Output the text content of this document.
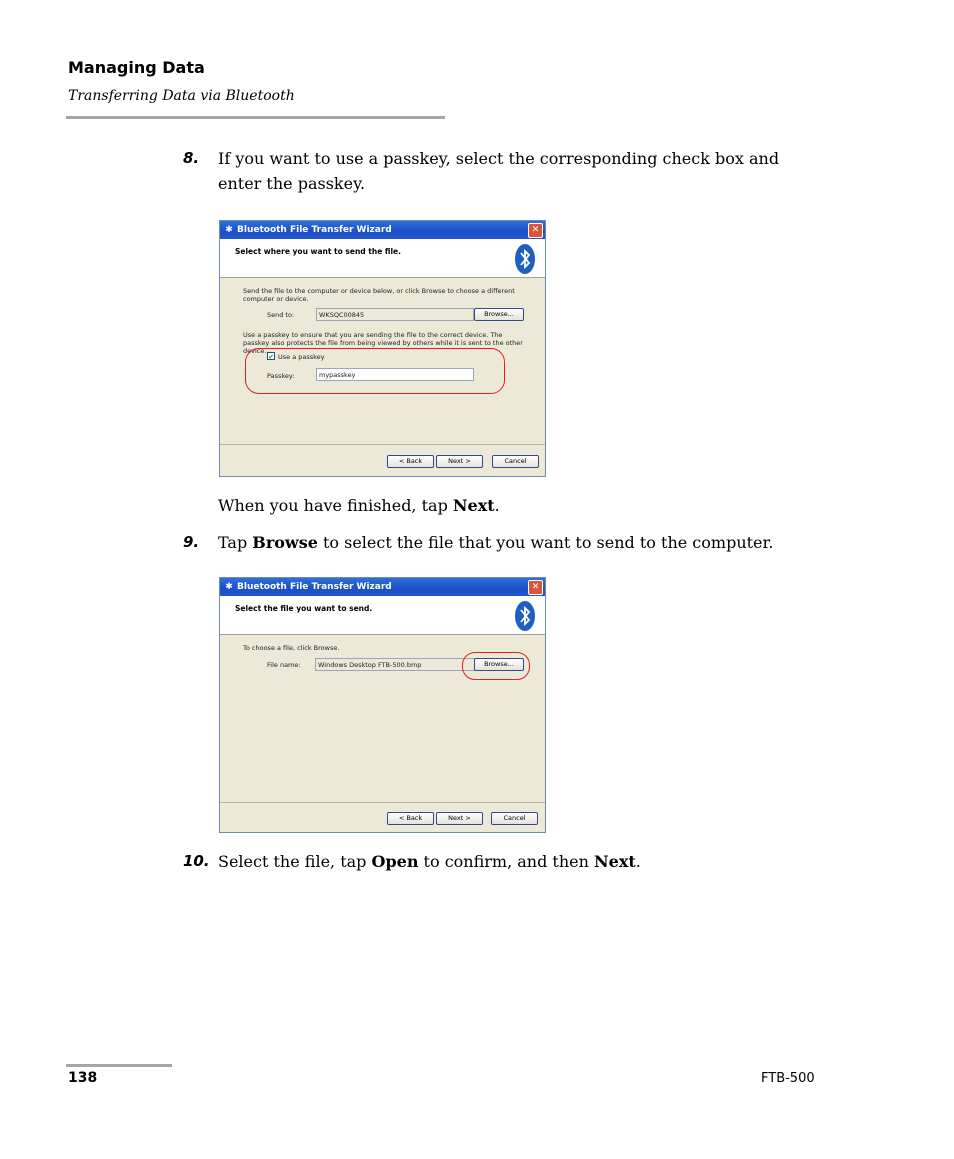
Managing Data
Transferring Data via Bluetooth
8. If you want to use a passkey, select the corresponding check box and enter the passkey.
✱ Bluetooth File Transfer Wizard	✕
Select where you want to send the file.
Send the file to the computer or device below, or click Browse to choose a different computer or device.
Send to:	WKSQC00845	Browse...
Use a passkey to ensure that you are sending the file to the correct device. The passkey also protects the file from being viewed by others while it is sent to the other device.
✔ Use a passkey
Passkey:	mypasskey
< Back	Next >	Cancel
When you have finished, tap Next.
9. Tap Browse to select the file that you want to send to the computer.
✱ Bluetooth File Transfer Wizard	✕
Select the file you want to send.
To choose a file, click Browse.
File name:	Windows Desktop FTB-500.bmp	Browse...
< Back	Next >	Cancel
10. Select the file, tap Open to confirm, and then Next.
138	FTB-500
